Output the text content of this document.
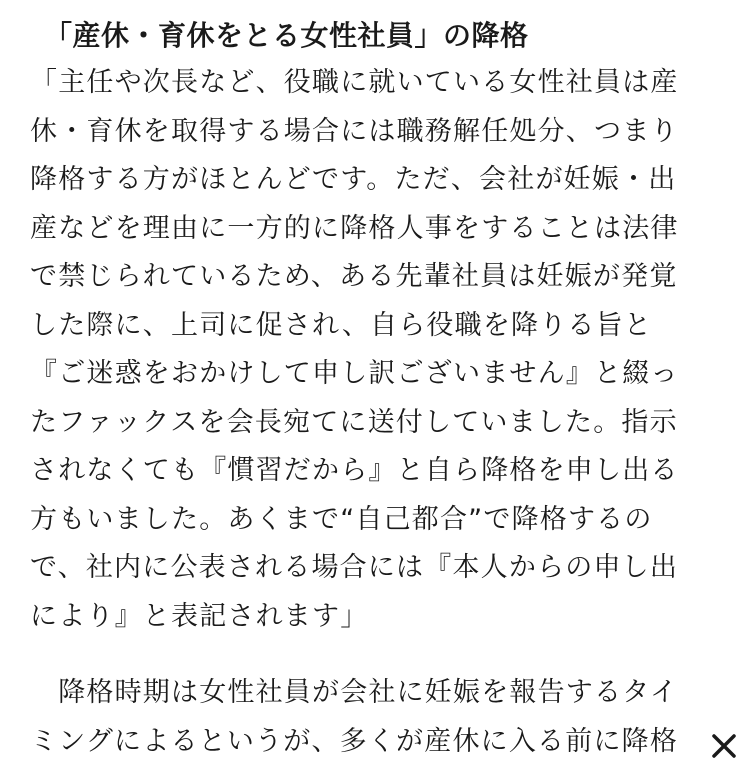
「産休・育休をとる女性社員」の降格
「主任や次長など、役職に就いている女性社員は産
休・育休を取得する場合には職務解任処分、つまり
降格する方がほとんどです。ただ、会社が妊娠・出
産などを理由に一方的に降格人事をすることは法律
で禁じられているため、ある先輩社員は妊娠が発覚
した際に、上司に促され、自ら役職を降りる旨と
『ご迷惑をおかけして申し訳ございません』と綴っ
たファックスを会長宛てに送付していました。指示
されなくても『慣習だから』と自ら降格を申し出る
方もいました。あくまで“自己都合”で降格するの
で、社内に公表される場合には『本人からの申し出
により』と表記されます」
　降格時期は女性社員が会社に妊娠を報告するタイ
ミングによるというが、多くが産休に入る前に降格
